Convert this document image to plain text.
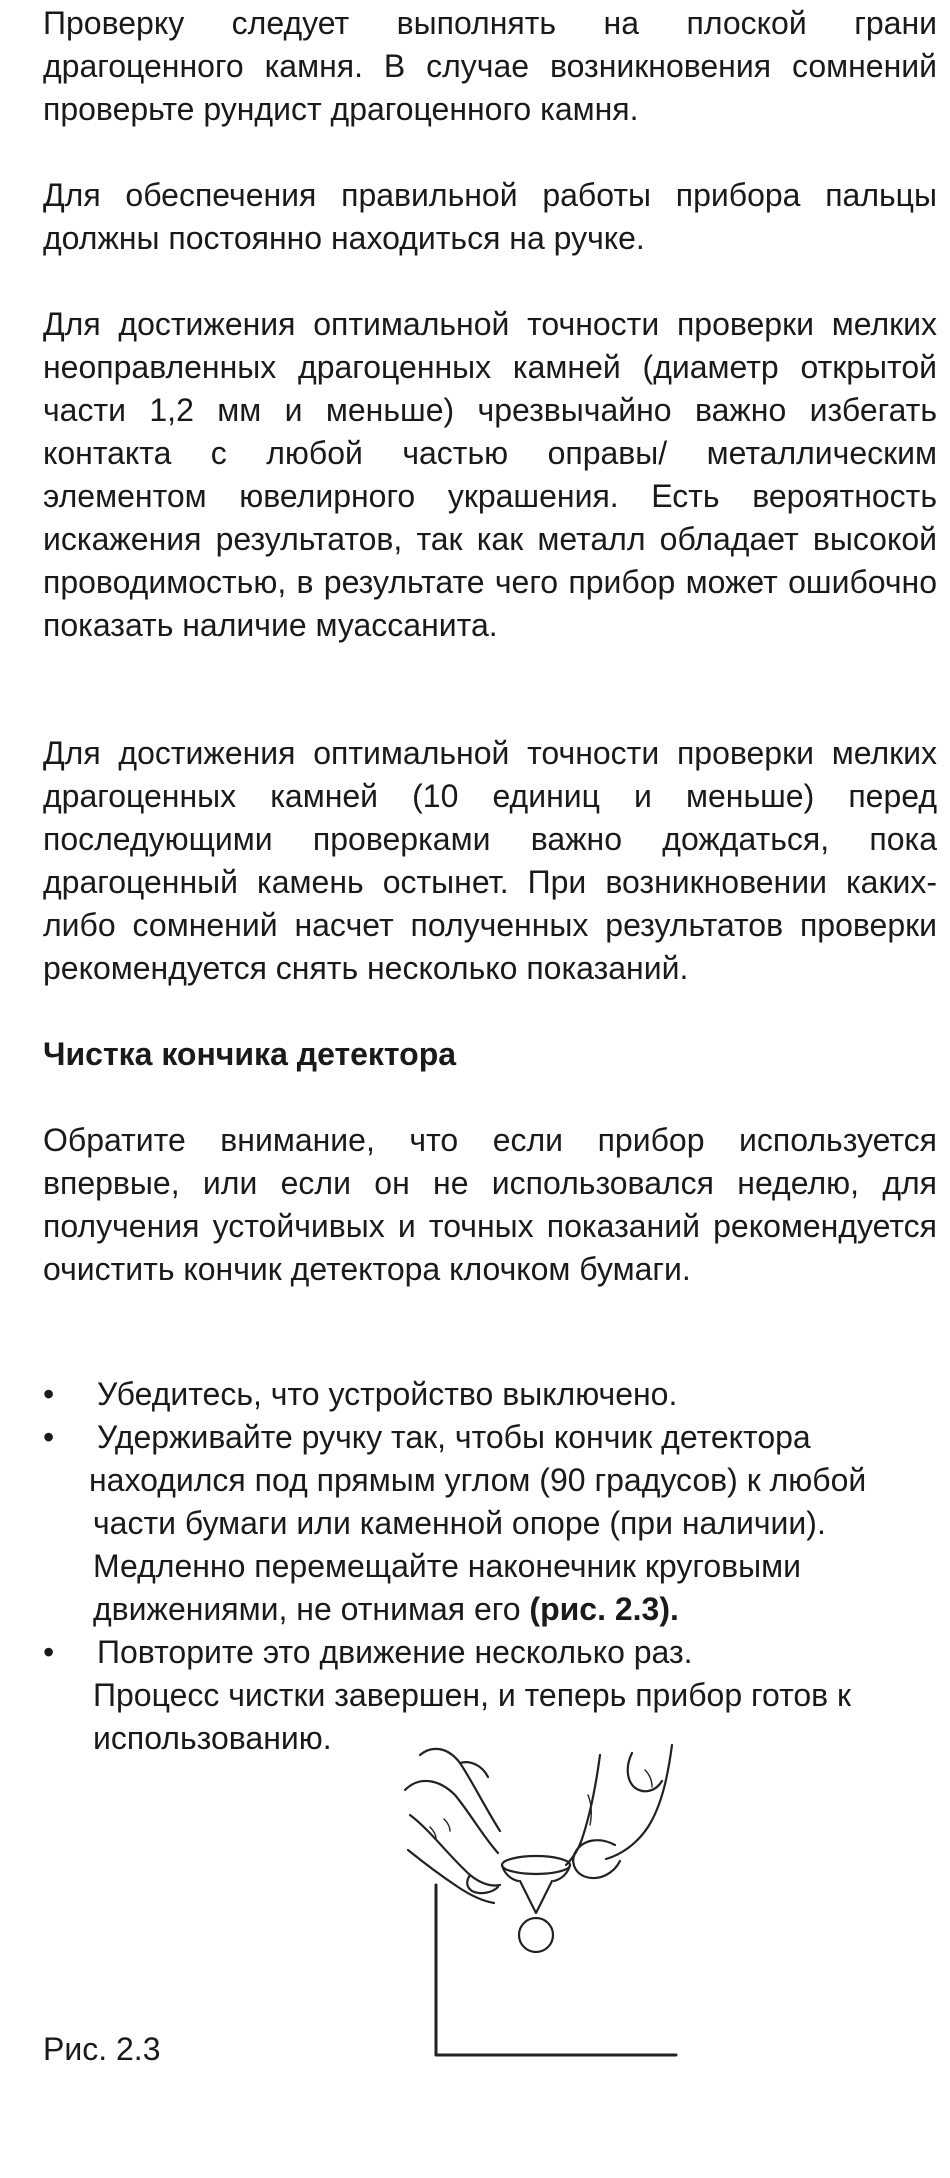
Проверку следует выполнять на плоской грани драгоценного камня. В случае возникновения сомнений проверьте рундист драгоценного камня.

Для обеспечения правильной работы прибора пальцы должны постоянно находиться на ручке.

Для достижения оптимальной точности проверки мелких неоправленных драгоценных камней (диаметр открытой части 1,2 мм и меньше) чрезвычайно важно избегать контакта с любой частью оправы/ металлическим элементом ювелирного украшения. Есть вероятность искажения результатов, так как металл обладает высокой проводимостью, в результате чего прибор может ошибочно показать наличие муассанита.

Для достижения оптимальной точности проверки мелких драгоценных камней (10 единиц и меньше) перед последующими проверками важно дождаться, пока драгоценный камень остынет. При возникновении каких-либо сомнений насчет полученных результатов проверки рекомендуется снять несколько показаний.

Чистка кончика детектора

Обратите внимание, что если прибор используется впервые, или если он не использовался неделю, для получения устойчивых и точных показаний рекомендуется очистить кончик детектора клочком бумаги.

• Убедитесь, что устройство выключено.
• Удерживайте ручку так, чтобы кончик детектора
находился под прямым углом (90 градусов) к любой
части бумаги или каменной опоре (при наличии).
Медленно перемещайте наконечник круговыми
движениями, не отнимая его (рис. 2.3).
• Повторите это движение несколько раз.
Процесс чистки завершен, и теперь прибор готов к
использованию.

Рис. 2.3
